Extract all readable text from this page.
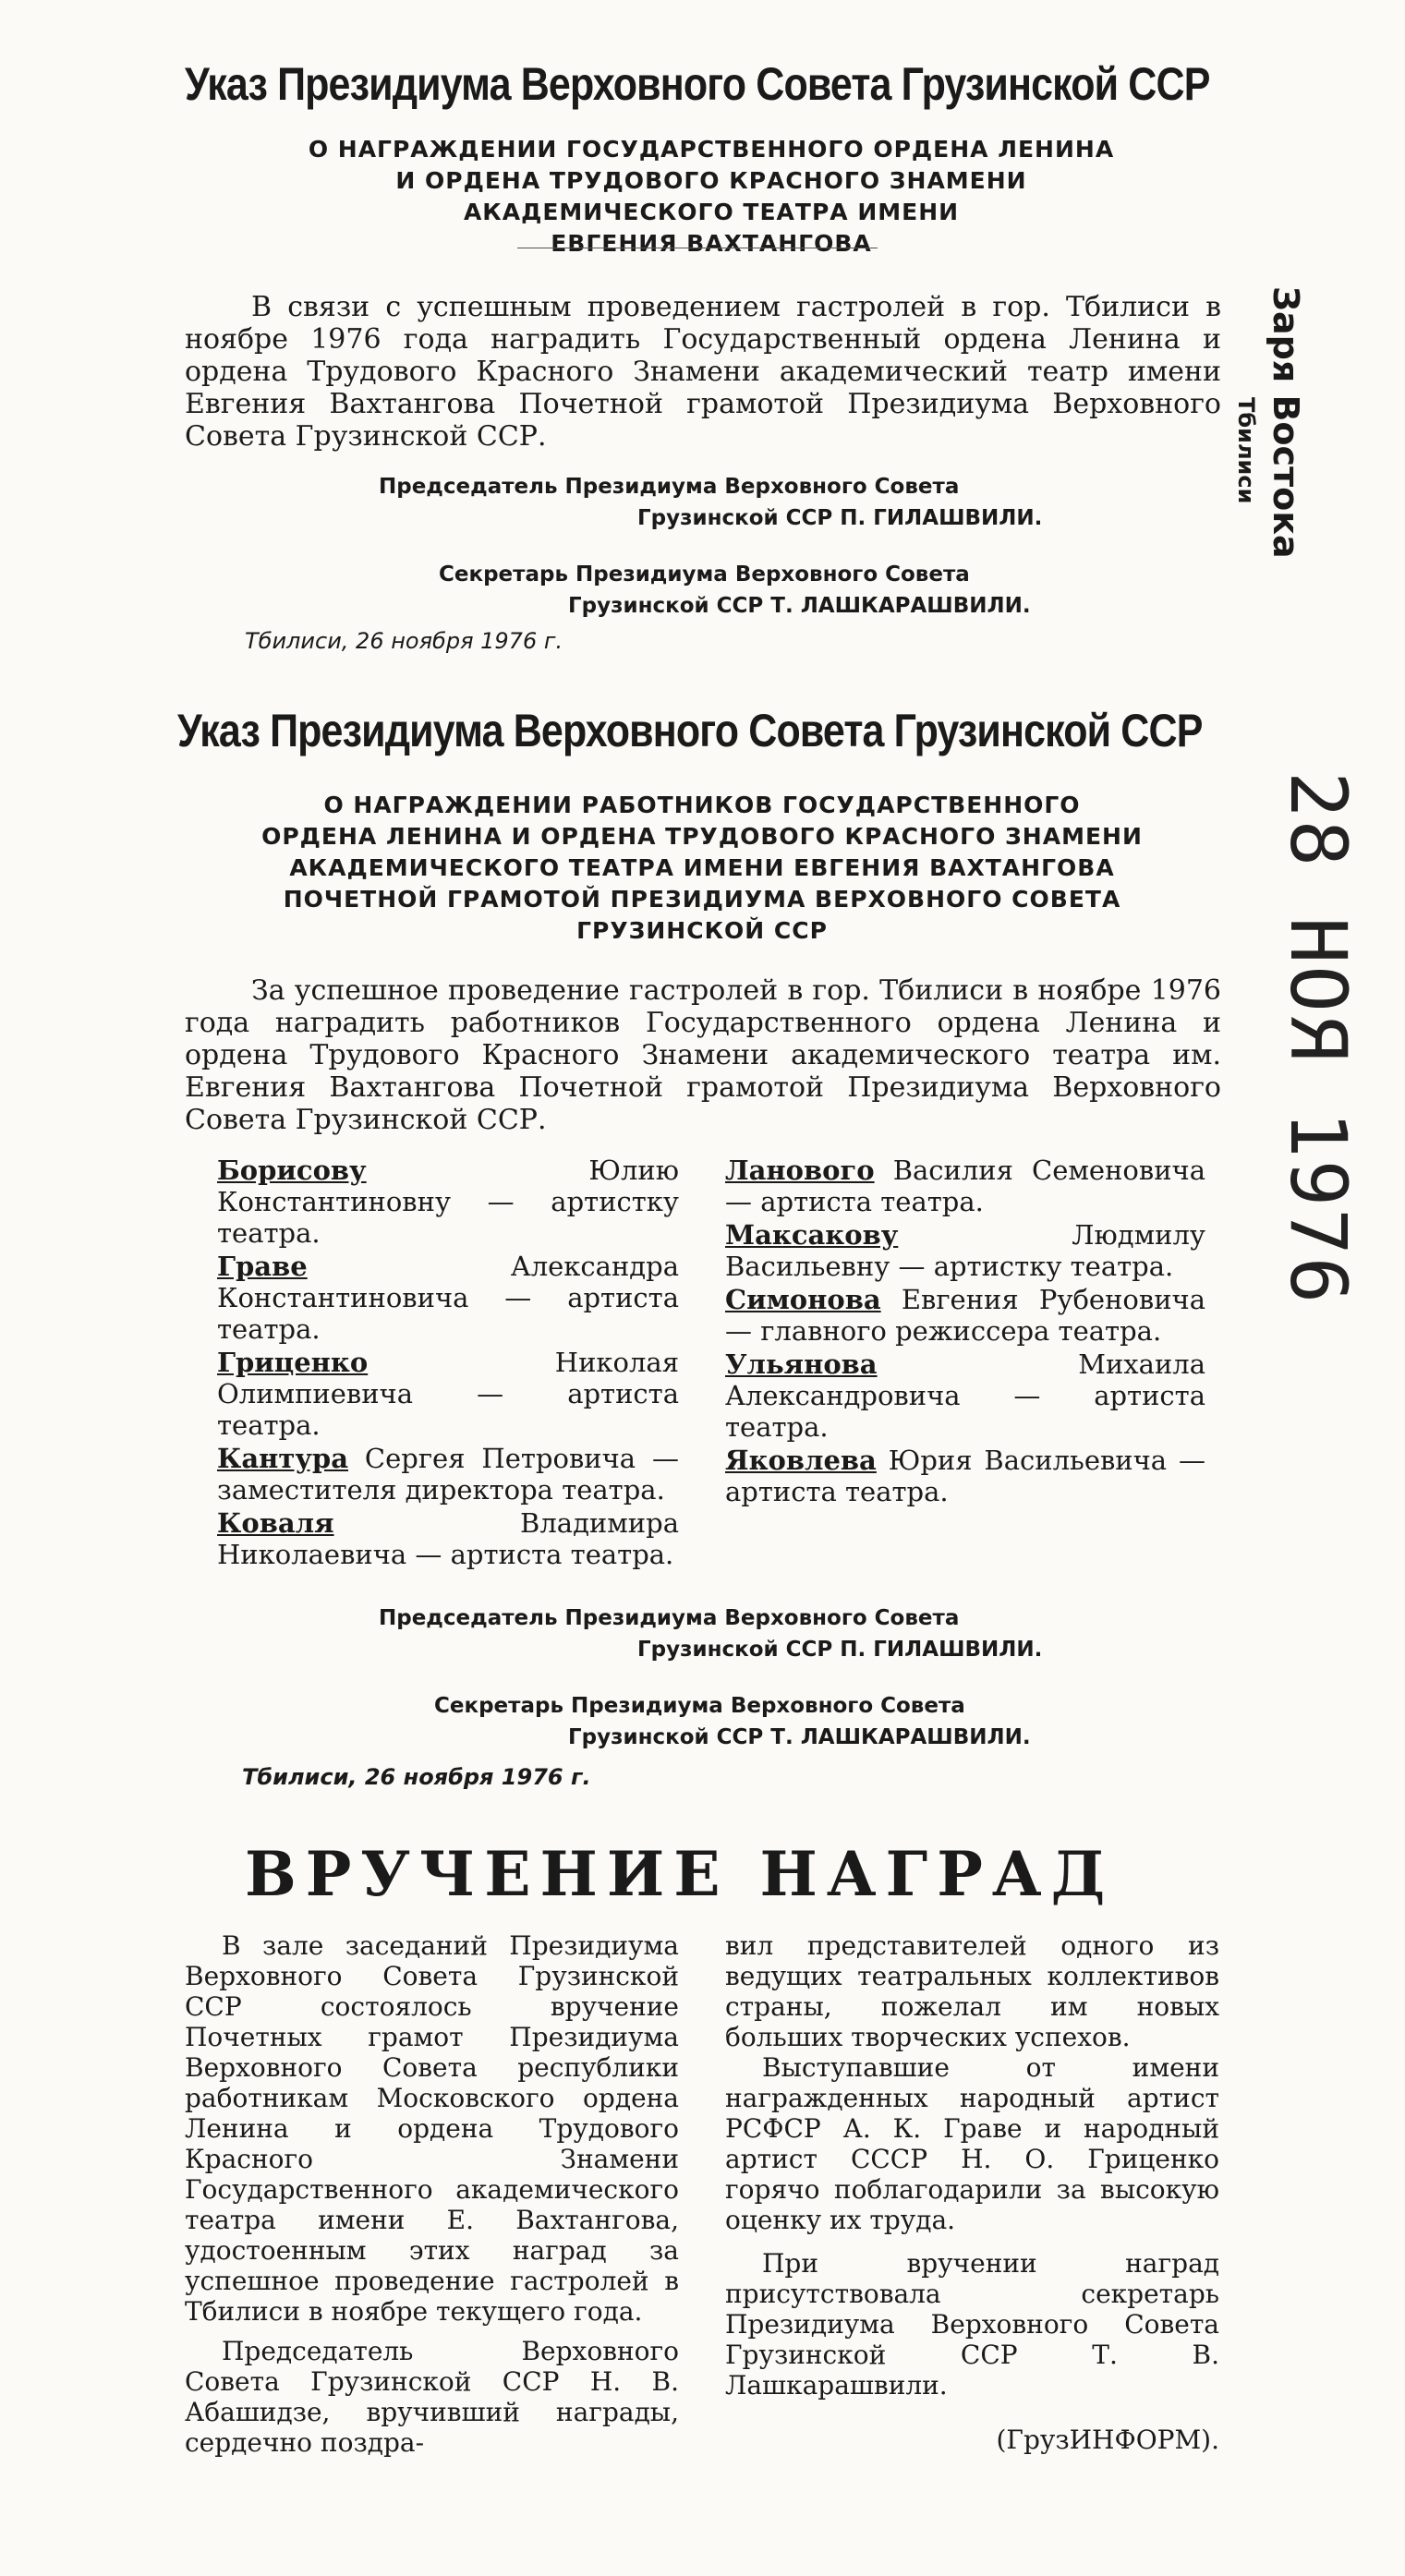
Указ Президиума Верховного Совета Грузинской ССР
О НАГРАЖДЕНИИ ГОСУДАРСТВЕННОГО ОРДЕНА ЛЕНИНА
И ОРДЕНА ТРУДОВОГО КРАСНОГО ЗНАМЕНИ
АКАДЕМИЧЕСКОГО ТЕАТРА ИМЕНИ
ЕВГЕНИЯ ВАХТАНГОВА

В связи с успешным проведением гастролей в гор. Тбилиси в ноябре 1976 года наградить Государственный ордена Ленина и ордена Трудового Красного Знамени академический театр имени Евгения Вахтангова Почетной грамотой Президиума Верховного Совета Грузинской ССР.

Председатель Президиума Верховного Совета
Грузинской ССР П. ГИЛАШВИЛИ.
Секретарь Президиума Верховного Совета
Грузинской ССР Т. ЛАШКАРАШВИЛИ.
Тбилиси, 26 ноября 1976 г.
Указ Президиума Верховного Совета Грузинской ССР
О НАГРАЖДЕНИИ РАБОТНИКОВ ГОСУДАРСТВЕННОГО
ОРДЕНА ЛЕНИНА И ОРДЕНА ТРУДОВОГО КРАСНОГО ЗНАМЕНИ
АКАДЕМИЧЕСКОГО ТЕАТРА ИМЕНИ ЕВГЕНИЯ ВАХТАНГОВА
ПОЧЕТНОЙ ГРАМОТОЙ ПРЕЗИДИУМА ВЕРХОВНОГО СОВЕТА
ГРУЗИНСКОЙ ССР

За успешное проведение гастролей в гор. Тбилиси в ноябре 1976 года наградить работников Государственного ордена Ленина и ордена Трудового Красного Знамени академического театра им. Евгения Вахтангова Почетной грамотой Президиума Верховного Совета Грузинской ССР.

Борисову Юлию Константиновну — артистку театра.

Граве Александра Константиновича — артиста театра.

Гриценко Николая Олимпиевича — артиста театра.

Кантура Сергея Петровича — заместителя директора театра.

Коваля Владимира Николаевича — артиста театра.

Ланового Василия Семеновича — артиста театра.

Максакову Людмилу Васильевну — артистку театра.

Симонова Евгения Рубеновича — главного режиссера театра.

Ульянова Михаила Александровича — артиста театра.

Яковлева Юрия Васильевича — артиста театра.

Председатель Президиума Верховного Совета
Грузинской ССР П. ГИЛАШВИЛИ.
Секретарь Президиума Верховного Совета
Грузинской ССР Т. ЛАШКАРАШВИЛИ.
Тбилиси, 26 ноября 1976 г.
ВРУЧЕНИЕ НАГРАД

В зале заседаний Президиума Верховного Совета Грузинской ССР состоялось вручение Почетных грамот Президиума Верховного Совета республики работникам Московского ордена Ленина и ордена Трудового Красного Знамени Государственного академического театра имени Е. Вахтангова, удостоенным этих наград за успешное проведение гастролей в Тбилиси в ноябре текущего года.

Председатель Верховного Совета Грузинской ССР Н. В. Абашидзе, вручивший награды, сердечно поздра-

вил представителей одного из ведущих театральных коллективов страны, пожелал им новых больших творческих успехов.

Выступавшие от имени награжденных народный артист РСФСР А. К. Граве и народный артист СССР Н. О. Гриценко горячо поблагодарили за высокую оценку их труда.

При вручении наград присутствовала секретарь Президиума Верховного Совета Грузинской ССР Т. В. Лашкарашвили.

(ГрузИНФОРМ).

Заря Востока
Тбилиси
28 НОЯ 1976
